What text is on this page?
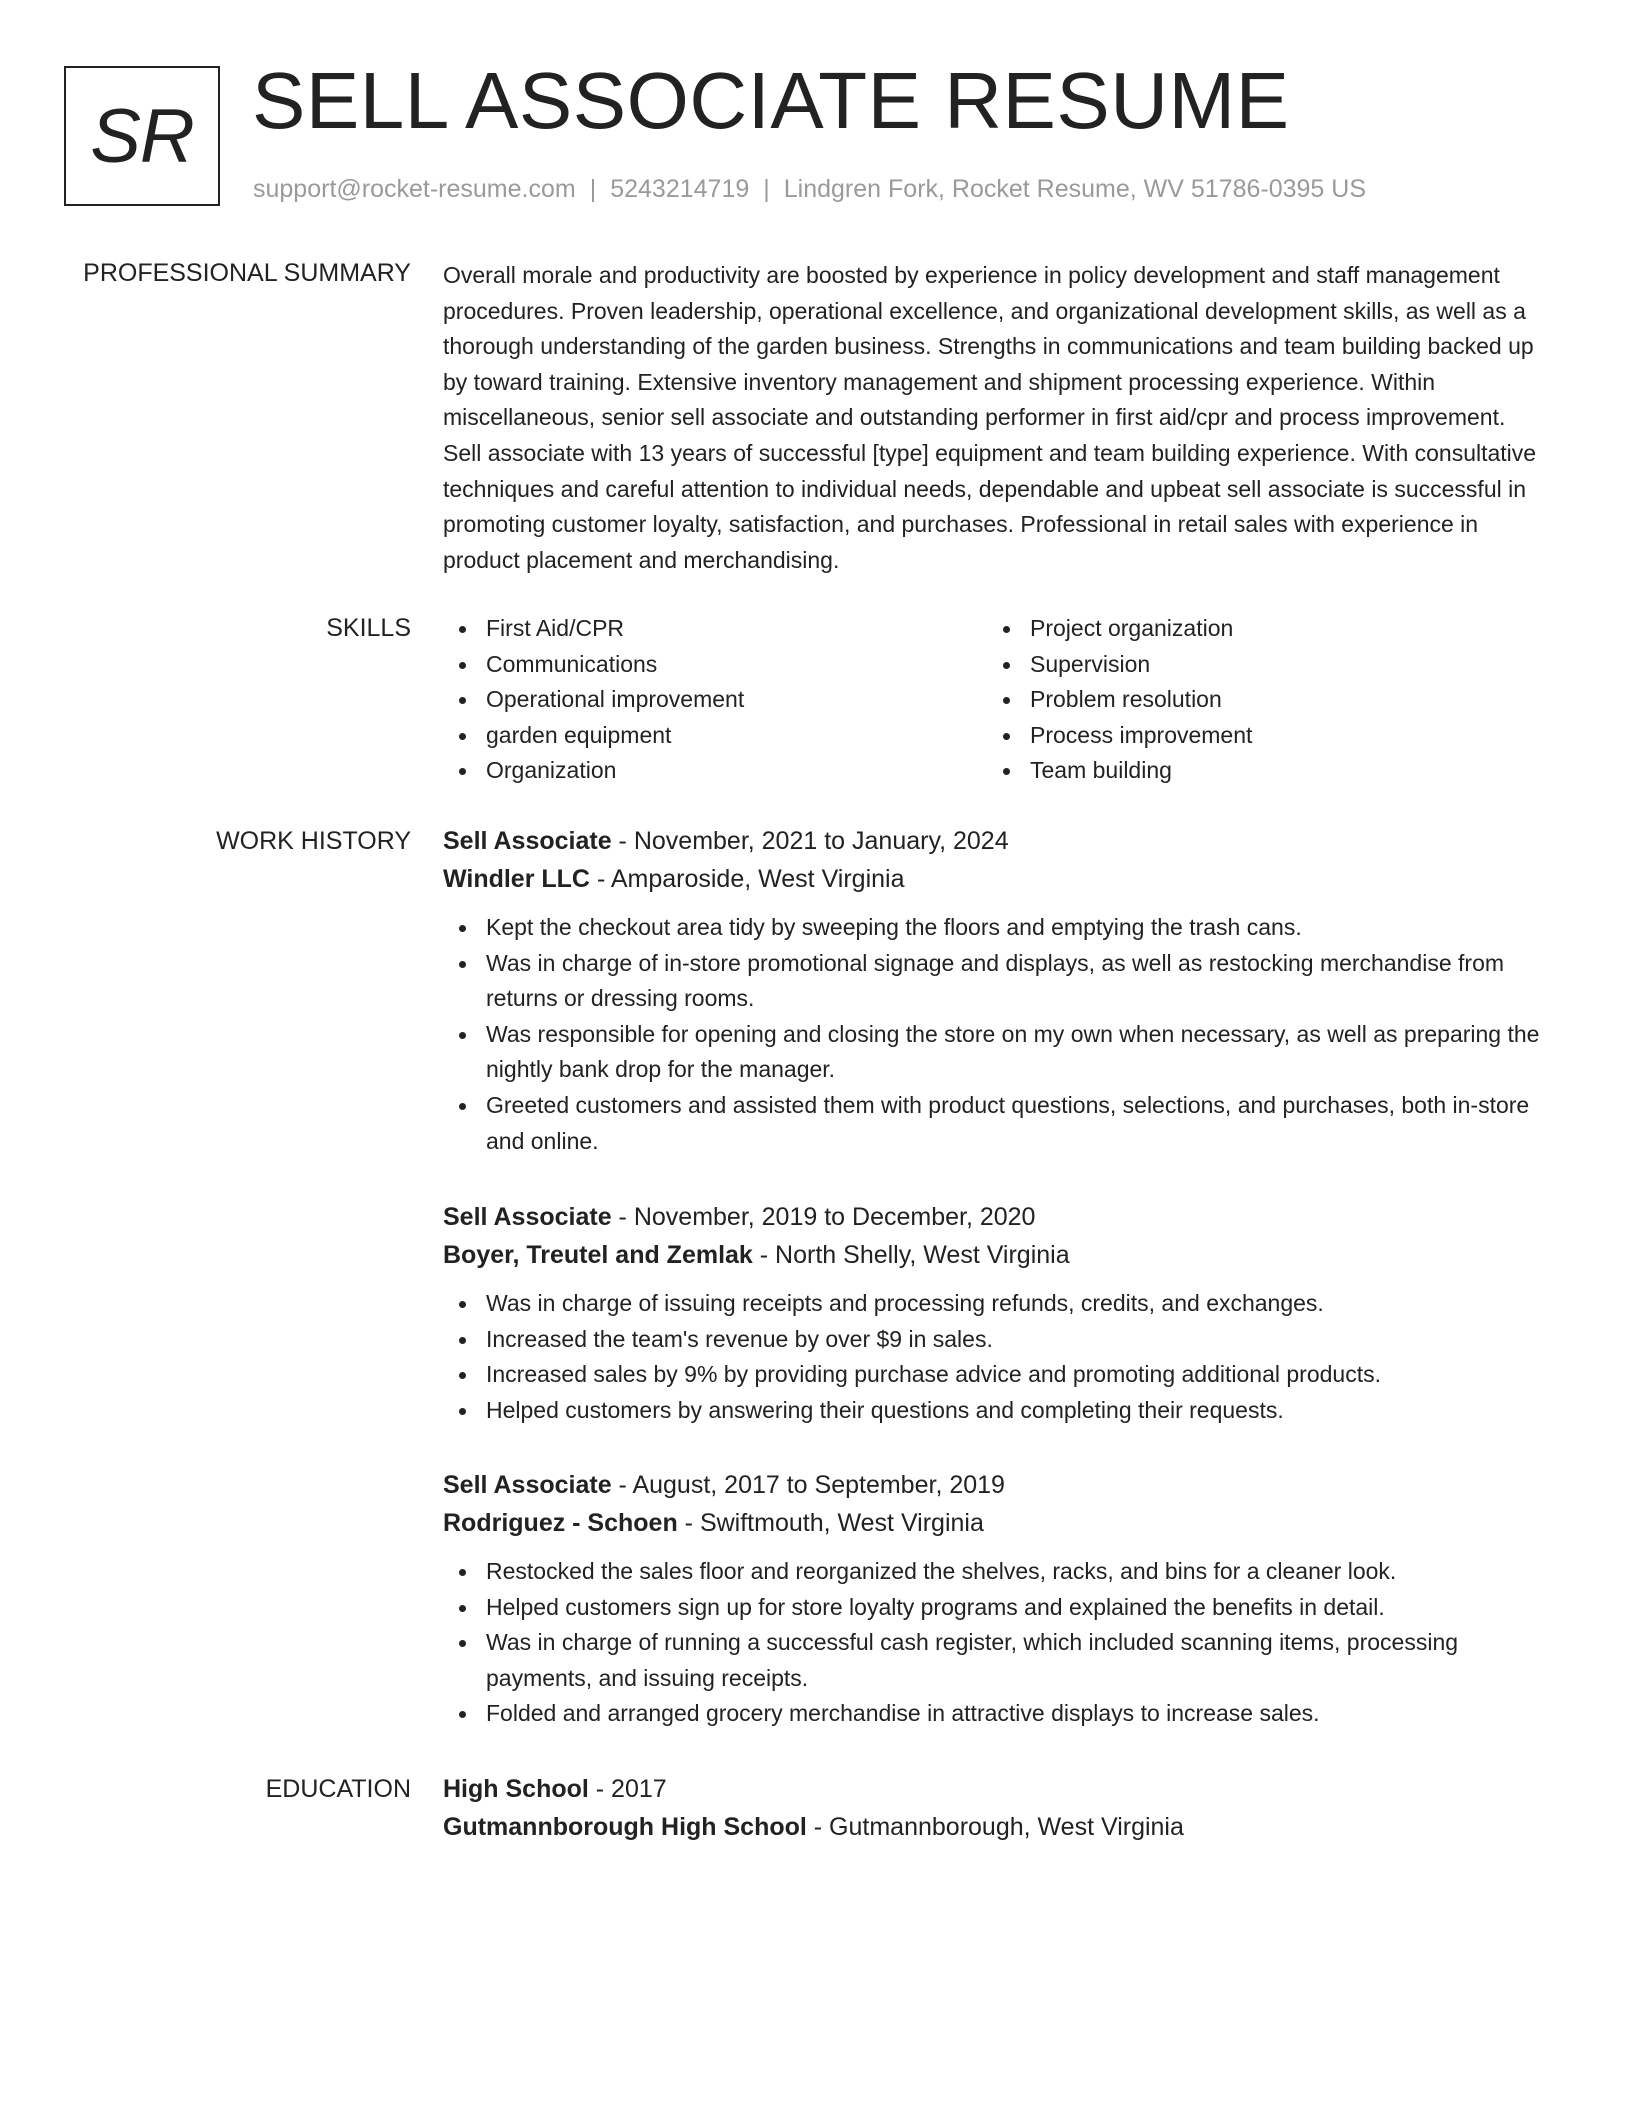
SR SELL ASSOCIATE RESUME
support@rocket-resume.com | 5243214719 | Lindgren Fork, Rocket Resume, WV 51786-0395 US
PROFESSIONAL SUMMARY Overall morale and productivity are boosted by experience in policy development and staff management procedures. Proven leadership, operational excellence, and organizational development skills, as well as a thorough understanding of the garden business. Strengths in communications and team building backed up by toward training. Extensive inventory management and shipment processing experience. Within miscellaneous, senior sell associate and outstanding performer in first aid/cpr and process improvement. Sell associate with 13 years of successful [type] equipment and team building experience. With consultative techniques and careful attention to individual needs, dependable and upbeat sell associate is successful in promoting customer loyalty, satisfaction, and purchases. Professional in retail sales with experience in product placement and merchandising.

SKILLS	First Aid/CPR
Communications
Operational improvement
garden equipment
Organization
Project organization
Supervision
Problem resolution
Process improvement
Team building
WORK HISTORY Sell Associate - November, 2021 to January, 2024
Windler LLC - Amparoside, West Virginia
Kept the checkout area tidy by sweeping the floors and emptying the trash cans.
Was in charge of in-store promotional signage and displays, as well as restocking merchandise from returns or dressing rooms.
Was responsible for opening and closing the store on my own when necessary, as well as preparing the nightly bank drop for the manager.
Greeted customers and assisted them with product questions, selections, and purchases, both in-store and online.
Sell Associate - November, 2019 to December, 2020
Boyer, Treutel and Zemlak - North Shelly, West Virginia
Was in charge of issuing receipts and processing refunds, credits, and exchanges.
Increased the team's revenue by over $9 in sales.
Increased sales by 9% by providing purchase advice and promoting additional products.
Helped customers by answering their questions and completing their requests.
Sell Associate - August, 2017 to September, 2019
Rodriguez - Schoen - Swiftmouth, West Virginia
Restocked the sales floor and reorganized the shelves, racks, and bins for a cleaner look.
Helped customers sign up for store loyalty programs and explained the benefits in detail.
Was in charge of running a successful cash register, which included scanning items, processing payments, and issuing receipts.
Folded and arranged grocery merchandise in attractive displays to increase sales.
EDUCATION High School - 2017
Gutmannborough High School - Gutmannborough, West Virginia
